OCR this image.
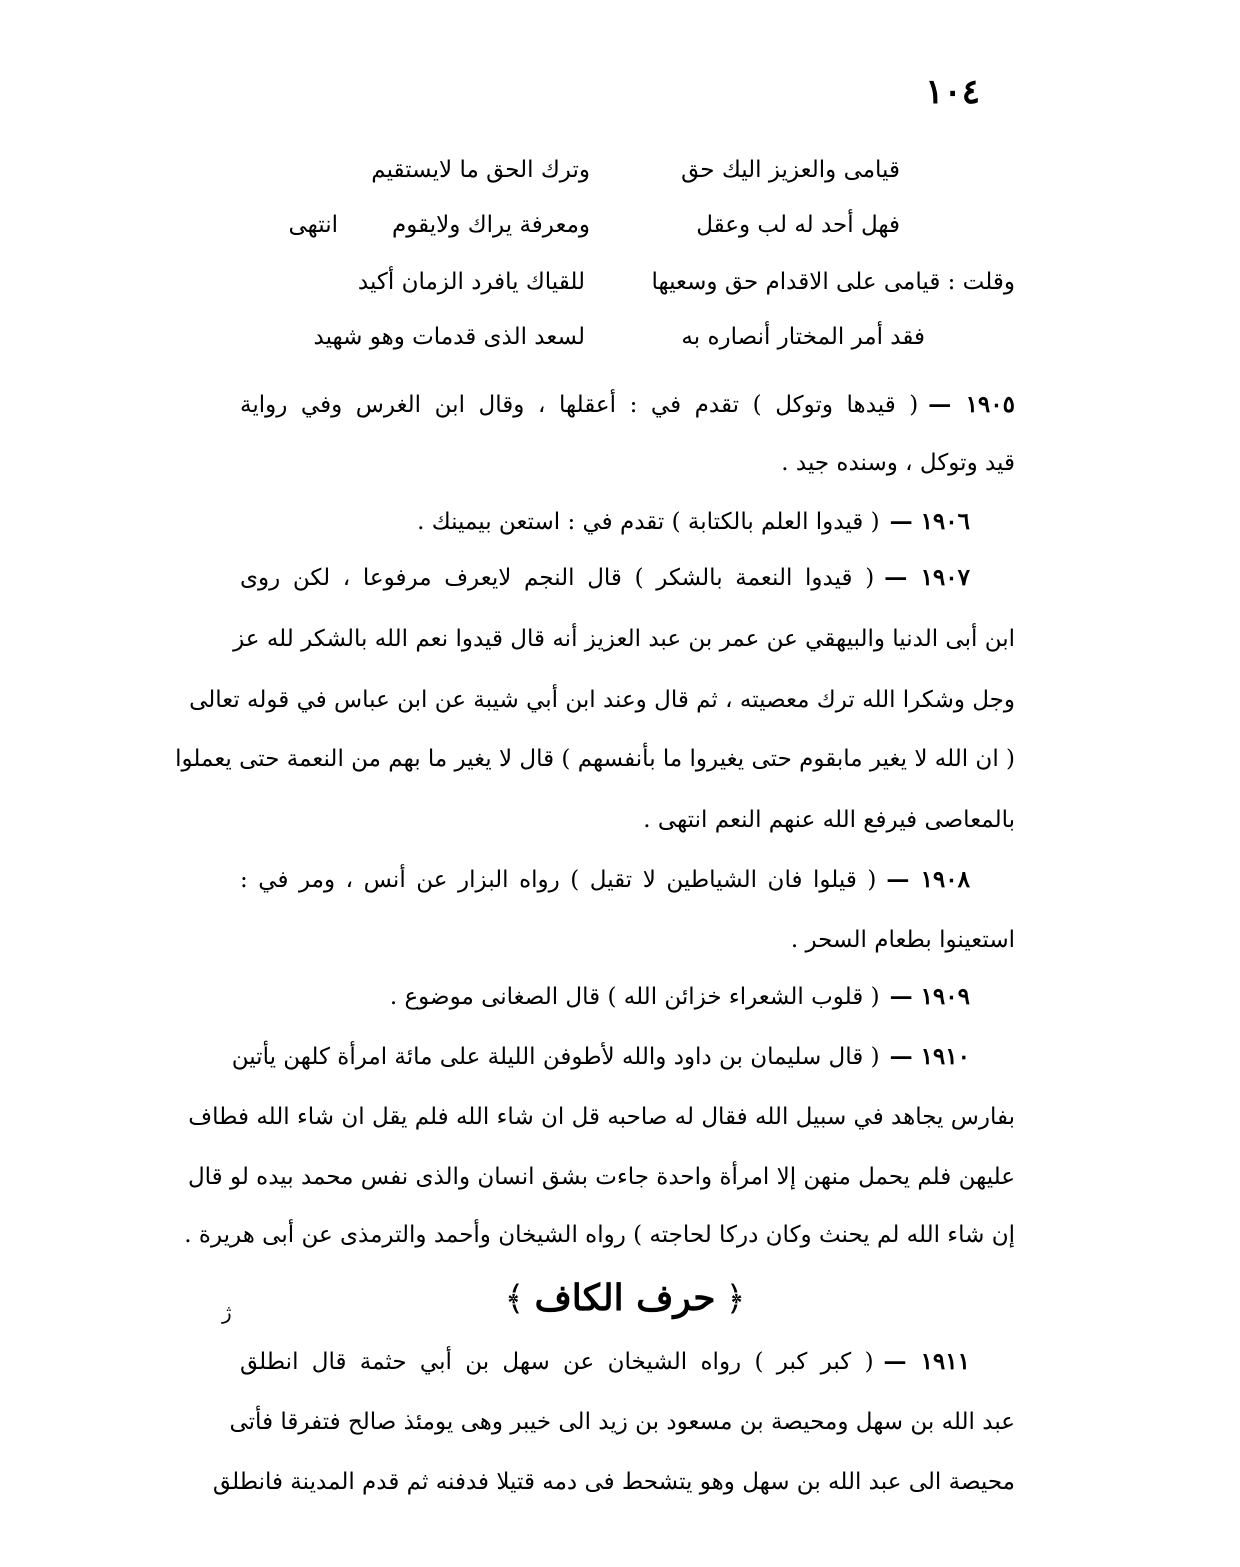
١٠٤
قيامى والعزيز اليك حق
وترك الحق ما لايستقيم
فهل أحد له لب وعقل
ومعرفة يراك ولايقوم
انتهى
وقلت : قيامى على الاقدام حق وسعيها
للقياك يافرد الزمان أكيد
فقد أمر المختار أنصاره به
لسعد الذى قدمات وهو شهيد
١٩٠٥ —( قيدها وتوكل ) تقدم في : أعقلها ، وقال ابن الغرس وفي رواية
قيد وتوكل ، وسنده جيد .
١٩٠٦ —( قيدوا العلم بالكتابة ) تقدم في : استعن بيمينك .
١٩٠٧ —( قيدوا النعمة بالشكر ) قال النجم لايعرف مرفوعا ، لكن روى
ابن أبى الدنيا والبيهقي عن عمر بن عبد العزيز أنه قال قيدوا نعم الله بالشكر لله عز
وجل وشكرا الله ترك معصيته ، ثم قال وعند ابن أبي شيبة عن ابن عباس في قوله تعالى
( ان الله لا يغير مابقوم حتى يغيروا ما بأنفسهم ) قال لا يغير ما بهم من النعمة حتى يعملوا
بالمعاصى فيرفع الله عنهم النعم انتهى .
١٩٠٨ —( قيلوا فان الشياطين لا تقيل ) رواه البزار عن أنس ، ومر في :
استعينوا بطعام السحر .
١٩٠٩ —( قلوب الشعراء خزائن الله ) قال الصغانى موضوع .
١٩١٠ —( قال سليمان بن داود والله لأطوفن الليلة على مائة امرأة كلهن يأتين
بفارس يجاهد في سبيل الله فقال له صاحبه قل ان شاء الله فلم يقل ان شاء الله فطاف
عليهن فلم يحمل منهن إلا امرأة واحدة جاءت بشق انسان والذى نفس محمد بيده لو قال
إن شاء الله لم يحنث وكان دركا لحاجته ) رواه الشيخان وأحمد والترمذى عن أبى هريرة .
﴿حرف الكاف﴾
ژ
١٩١١ —( كبر كبر ) رواه الشيخان عن سهل بن أبي حثمة قال انطلق
عبد الله بن سهل ومحيصة بن مسعود بن زيد الى خيبر وهى يومئذ صالح فتفرقا فأتى
محيصة الى عبد الله بن سهل وهو يتشحط فى دمه قتيلا فدفنه ثم قدم المدينة فانطلق
